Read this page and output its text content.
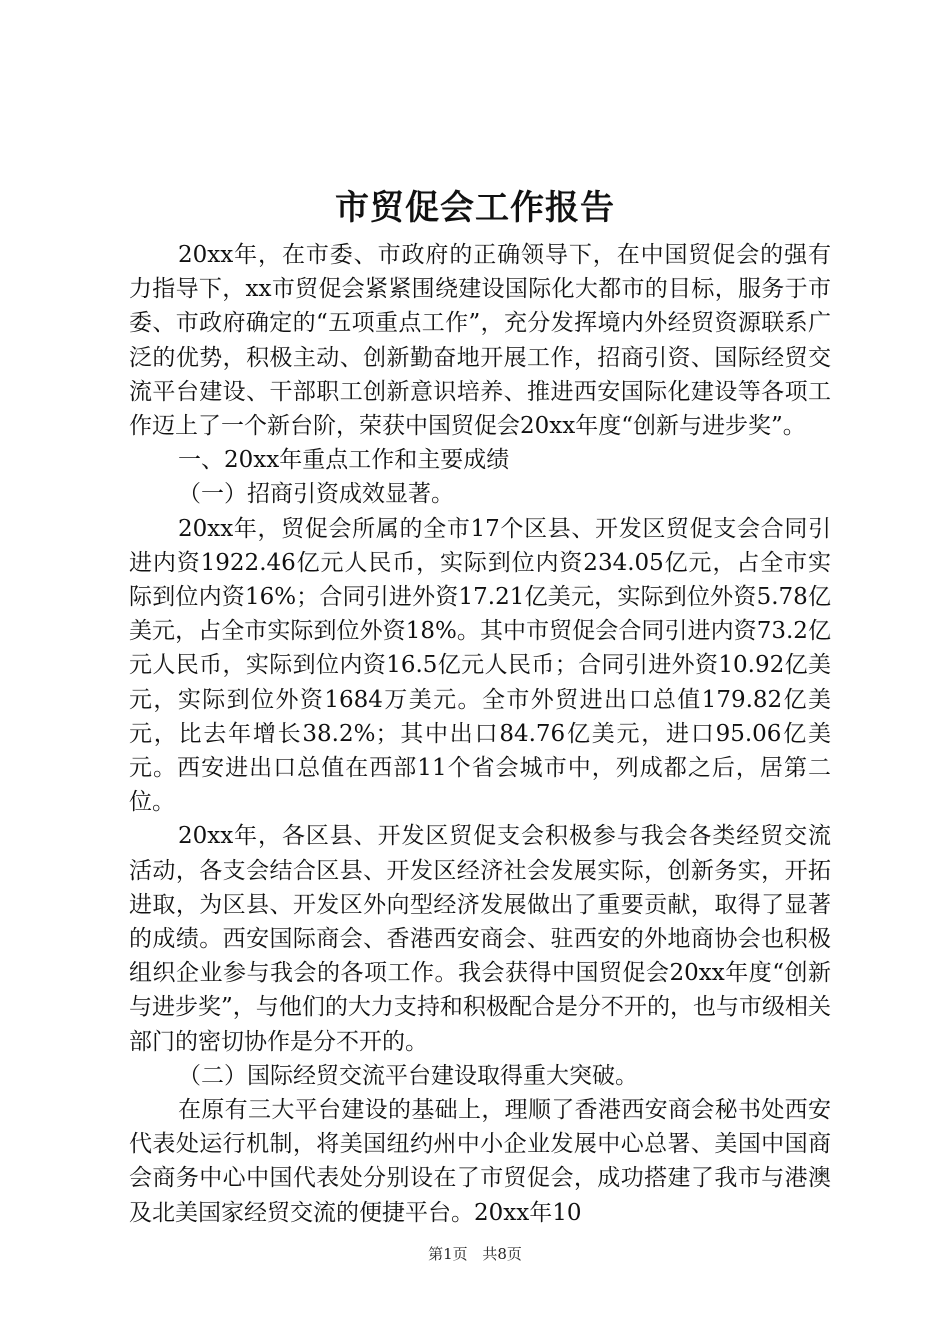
市贸促会工作报告

20xx年，在市委、市政府的正确领导下，在中国贸促会的强有力指导下，xx市贸促会紧紧围绕建设国际化大都市的目标，服务于市委、市政府确定的“五项重点工作”，充分发挥境内外经贸资源联系广泛的优势，积极主动、创新勤奋地开展工作，招商引资、国际经贸交流平台建设、干部职工创新意识培养、推进西安国际化建设等各项工作迈上了一个新台阶，荣获中国贸促会20xx年度“创新与进步奖”。

一、20xx年重点工作和主要成绩

（一）招商引资成效显著。

20xx年，贸促会所属的全市17个区县、开发区贸促支会合同引进内资1922.46亿元人民币，实际到位内资234.05亿元，占全市实际到位内资16%；合同引进外资17.21亿美元，实际到位外资5.78亿美元，占全市实际到位外资18%。其中市贸促会合同引进内资73.2亿元人民币，实际到位内资16.5亿元人民币；合同引进外资10.92亿美元，实际到位外资1684万美元。全市外贸进出口总值179.82亿美元，比去年增长38.2%；其中出口84.76亿美元，进口95.06亿美元。西安进出口总值在西部11个省会城市中，列成都之后，居第二位。

20xx年，各区县、开发区贸促支会积极参与我会各类经贸交流活动，各支会结合区县、开发区经济社会发展实际，创新务实，开拓进取，为区县、开发区外向型经济发展做出了重要贡献，取得了显著的成绩。西安国际商会、香港西安商会、驻西安的外地商协会也积极组织企业参与我会的各项工作。我会获得中国贸促会20xx年度“创新与进步奖”，与他们的大力支持和积极配合是分不开的，也与市级相关部门的密切协作是分不开的。

（二）国际经贸交流平台建设取得重大突破。

在原有三大平台建设的基础上，理顺了香港西安商会秘书处西安代表处运行机制，将美国纽约州中小企业发展中心总署、美国中国商会商务中心中国代表处分别设在了市贸促会，成功搭建了我市与港澳及北美国家经贸交流的便捷平台。20xx年10

第1页 共8页
